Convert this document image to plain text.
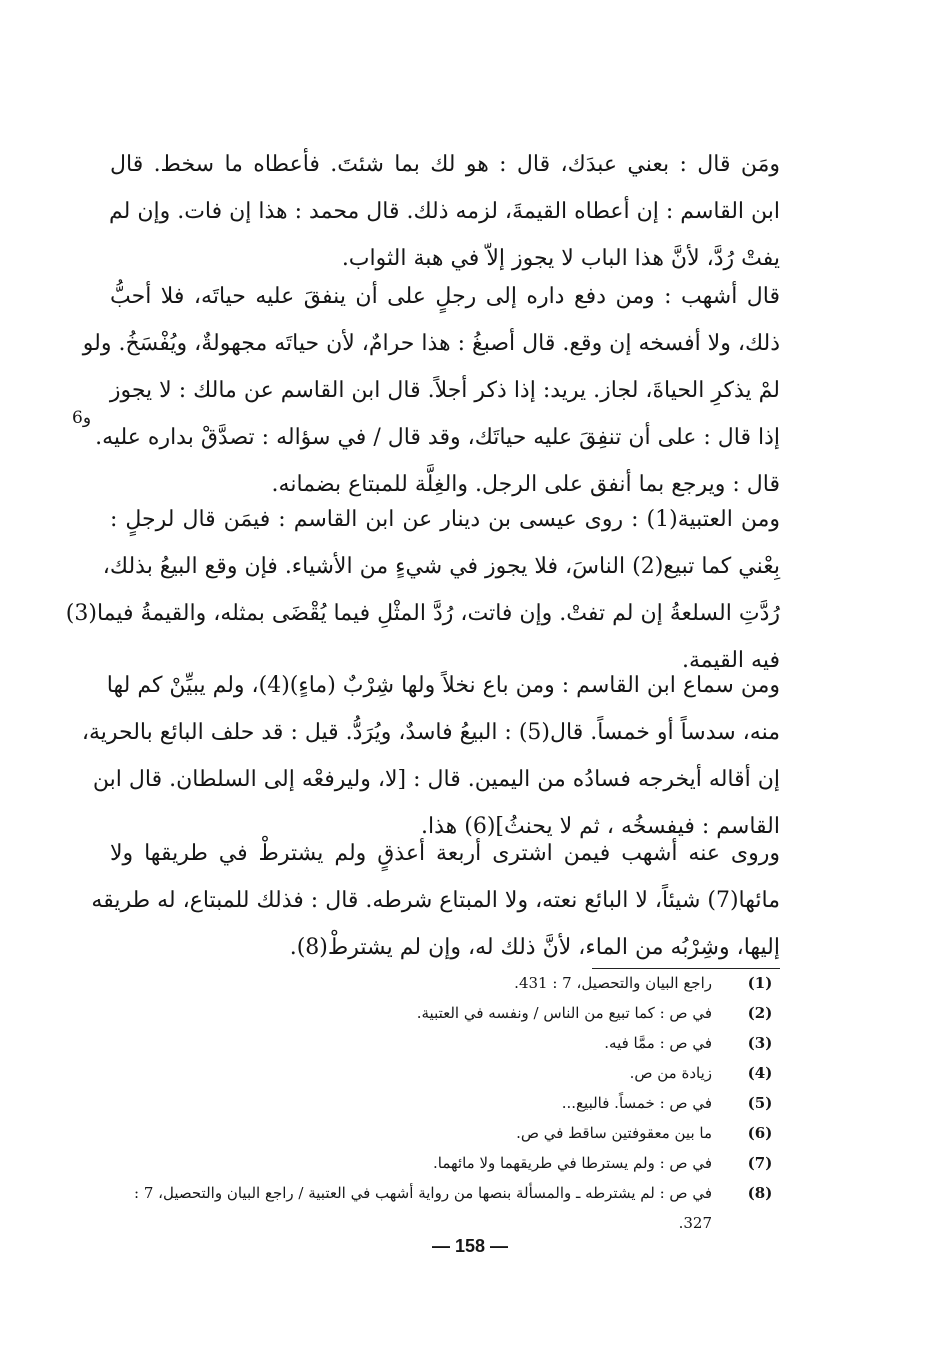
ومَن قال : بعني عبدَك، قال : هو لك بما شئتَ. فأعطاه ما سخط. قال
ابن القاسم : إن أعطاه القيمةَ، لزمه ذلك. قال محمد : هذا إن فات. وإن لم
يفتْ رُدَّ، لأنَّ هذا الباب لا يجوز إلاّ في هبة الثواب.
قال أشهب : ومن دفع داره إلى رجلٍ على أن ينفقَ عليه حياتَه، فلا أحبُّ
ذلك، ولا أفسخه إن وقع. قال أصبغُ : هذا حرامٌ، لأن حياتَه مجهولةٌ، ويُفْسَخُ. ولو
لمْ يذكرِ الحياةَ، لجاز. يريد: إذا ذكر أجلاً. قال ابن القاسم عن مالك : لا يجوز
إذا قال : على أن تنفِقَ عليه حياتَك، وقد قال / في سؤاله : تصدَّقْ بداره عليه.
قال : ويرجع بما أنفق على الرجل. والغِلَّة للمبتاع بضمانه.
ومن العتبية(1) : روى عيسى بن دينار عن ابن القاسم : فيمَن قال لرجلٍ :
بِعْني كما تبيع(2) الناسَ، فلا يجوز في شيءٍ من الأشياء. فإن وقع البيعُ بذلك،
رُدَّتِ السلعةُ إن لم تفتْ. وإن فاتت، رُدَّ المثْلِ فيما يُقْضَى بمثله، والقيمةُ فيما(3)
فيه القيمة.
ومن سماع ابن القاسم : ومن باع نخلاً ولها شِرْبٌ (ماءٍ)(4)، ولم يبيِّنْ كم لها
منه، سدساً أو خمساً. قال(5) : البيعُ فاسدٌ، ويُرَدُّ. قيل : قد حلف البائع بالحرية،
إن أقاله أيخرجه فسادُه من اليمين. قال : [لا، وليرفعْه إلى السلطان. قال ابن
القاسم : فيفسخُه ، ثم لا يحنثُ](6) هذا.
وروى عنه أشهب فيمن اشترى أربعة أعذقٍ ولم يشترطْ في طريقها ولا
مائها(7) شيئاً، لا البائع نعته، ولا المبتاع شرطه. قال : فذلك للمبتاع، له طريقه
إليها، وشِرْبُه من الماء، لأنَّ ذلك له، وإن لم يشترطْ(8).
6و
(1)
راجع البيان والتحصيل، 7 : 431.
(2)
في ص : كما تبيع من الناس / ونفسه في العتبية.
(3)
في ص : ممَّا فيه.
(4)
زيادة من ص.
(5)
في ص : خمساً. فالبيع...
(6)
ما بين معقوفتين ساقط في ص.
(7)
في ص : ولم يسترطا في طريقهما ولا مائهما.
(8)
في ص : لم يشترطه ـ والمسألة بنصها من رواية أشهب في العتبية / راجع البيان والتحصيل، 7 :
327.
— 158 —
